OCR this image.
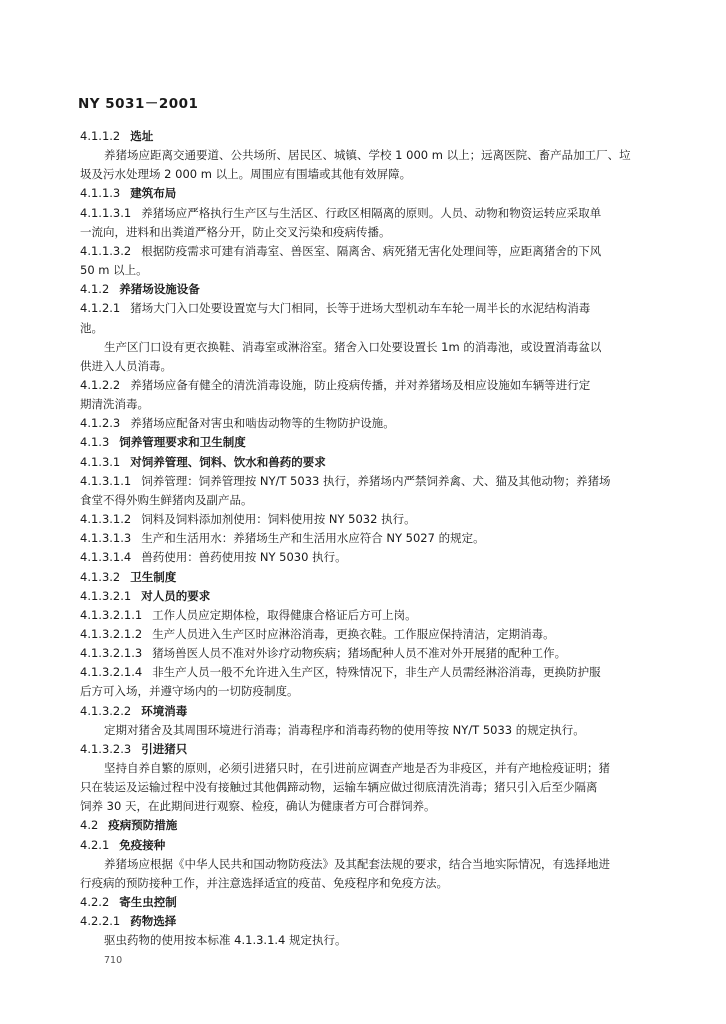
NY 5031－2001
4.1.1.2 选址
养猪场应距离交通要道、公共场所、居民区、城镇、学校 1 000 m 以上；远离医院、畜产品加工厂、垃
圾及污水处理场 2 000 m 以上。周围应有围墙或其他有效屏障。
4.1.1.3 建筑布局
4.1.1.3.1 养猪场应严格执行生产区与生活区、行政区相隔离的原则。人员、动物和物资运转应采取单
一流向，进料和出粪道严格分开，防止交叉污染和疫病传播。
4.1.1.3.2 根据防疫需求可建有消毒室、兽医室、隔离舍、病死猪无害化处理间等，应距离猪舍的下风
50 m 以上。
4.1.2 养猪场设施设备
4.1.2.1 猪场大门入口处要设置宽与大门相同，长等于进场大型机动车车轮一周半长的水泥结构消毒
池。
生产区门口设有更衣换鞋、消毒室或淋浴室。猪舍入口处要设置长 1m 的消毒池，或设置消毒盆以
供进入人员消毒。
4.1.2.2 养猪场应备有健全的清洗消毒设施，防止疫病传播，并对养猪场及相应设施如车辆等进行定
期清洗消毒。
4.1.2.3 养猪场应配备对害虫和啮齿动物等的生物防护设施。
4.1.3 饲养管理要求和卫生制度
4.1.3.1 对饲养管理、饲料、饮水和兽药的要求
4.1.3.1.1 饲养管理：饲养管理按 NY/T 5033 执行，养猪场内严禁饲养禽、犬、猫及其他动物；养猪场
食堂不得外购生鲜猪肉及副产品。
4.1.3.1.2 饲料及饲料添加剂使用：饲料使用按 NY 5032 执行。
4.1.3.1.3 生产和生活用水：养猪场生产和生活用水应符合 NY 5027 的规定。
4.1.3.1.4 兽药使用：兽药使用按 NY 5030 执行。
4.1.3.2 卫生制度
4.1.3.2.1 对人员的要求
4.1.3.2.1.1 工作人员应定期体检，取得健康合格证后方可上岗。
4.1.3.2.1.2 生产人员进入生产区时应淋浴消毒，更换衣鞋。工作服应保持清洁，定期消毒。
4.1.3.2.1.3 猪场兽医人员不准对外诊疗动物疾病；猪场配种人员不准对外开展猪的配种工作。
4.1.3.2.1.4 非生产人员一般不允许进入生产区，特殊情况下，非生产人员需经淋浴消毒，更换防护服
后方可入场，并遵守场内的一切防疫制度。
4.1.3.2.2 环境消毒
定期对猪舍及其周围环境进行消毒；消毒程序和消毒药物的使用等按 NY/T 5033 的规定执行。
4.1.3.2.3 引进猪只
坚持自养自繁的原则，必须引进猪只时，在引进前应调查产地是否为非疫区，并有产地检疫证明；猪
只在装运及运输过程中没有接触过其他偶蹄动物，运输车辆应做过彻底清洗消毒；猪只引入后至少隔离
饲养 30 天，在此期间进行观察、检疫，确认为健康者方可合群饲养。
4.2 疫病预防措施
4.2.1 免疫接种
养猪场应根据《中华人民共和国动物防疫法》及其配套法规的要求，结合当地实际情况，有选择地进
行疫病的预防接种工作，并注意选择适宜的疫苗、免疫程序和免疫方法。
4.2.2 寄生虫控制
4.2.2.1 药物选择
驱虫药物的使用按本标准 4.1.3.1.4 规定执行。
710
